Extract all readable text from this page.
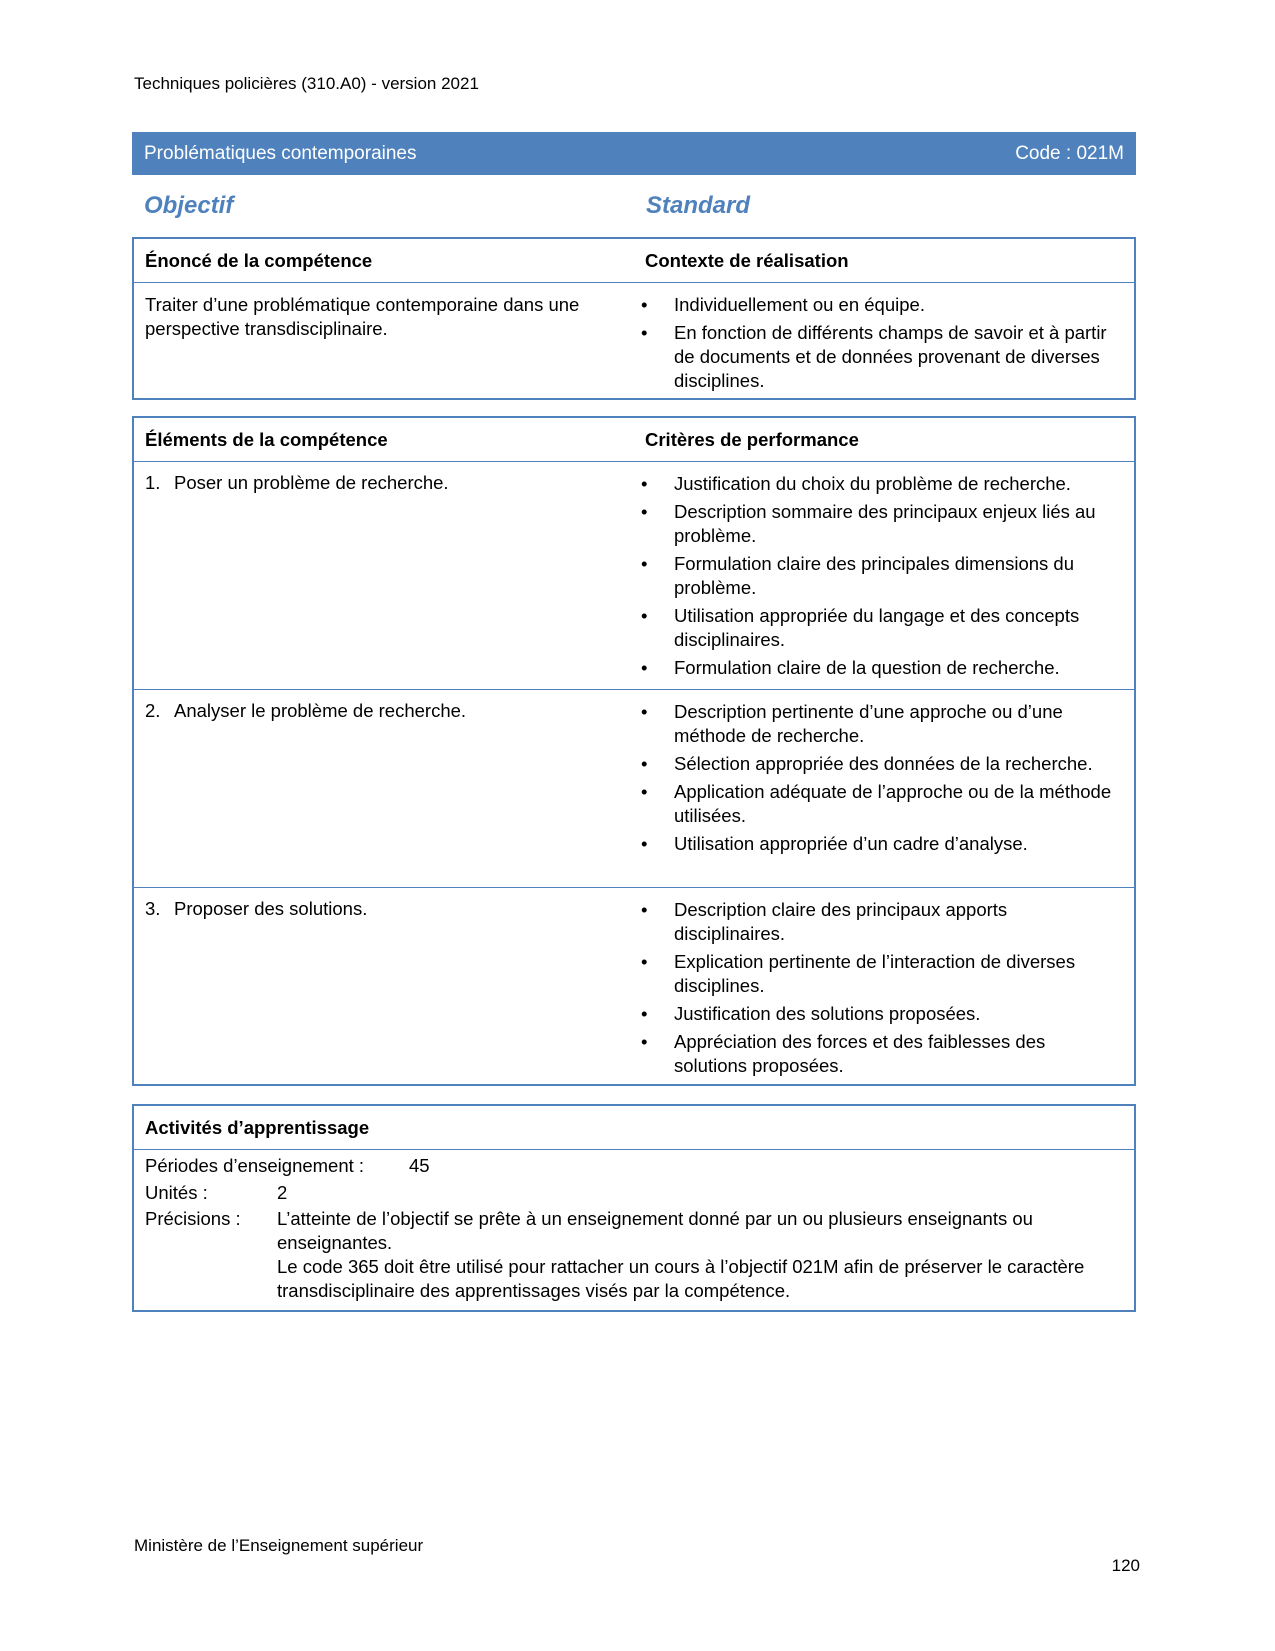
Techniques policières (310.A0) - version 2021
Problématiques contemporaines	Code : 021M
Objectif	Standard
Énoncé de la compétence	Contexte de réalisation
Traiter d’une problématique contemporaine dans une perspective transdisciplinaire.
• Individuellement ou en équipe.
• En fonction de différents champs de savoir et à partir de documents et de données provenant de diverses disciplines.
Éléments de la compétence	Critères de performance
1. Poser un problème de recherche.	• Justification du choix du problème de recherche.
• Description sommaire des principaux enjeux liés au problème.
• Formulation claire des principales dimensions du problème.
• Utilisation appropriée du langage et des concepts disciplinaires.
• Formulation claire de la question de recherche.
2. Analyser le problème de recherche.	• Description pertinente d’une approche ou d’une méthode de recherche.
• Sélection appropriée des données de la recherche.
• Application adéquate de l’approche ou de la méthode utilisées.
• Utilisation appropriée d’un cadre d’analyse.
3. Proposer des solutions.	• Description claire des principaux apports disciplinaires.
• Explication pertinente de l’interaction de diverses disciplines.
• Justification des solutions proposées.
• Appréciation des forces et des faiblesses des solutions proposées.
Activités d’apprentissage
Périodes d’enseignement : 45
Unités :	2
Précisions : L’atteinte de l’objectif se prête à un enseignement donné par un ou plusieurs enseignants ou enseignantes.
Le code 365 doit être utilisé pour rattacher un cours à l’objectif 021M afin de préserver le caractère transdisciplinaire des apprentissages visés par la compétence.
Ministère de l’Enseignement supérieur
120
